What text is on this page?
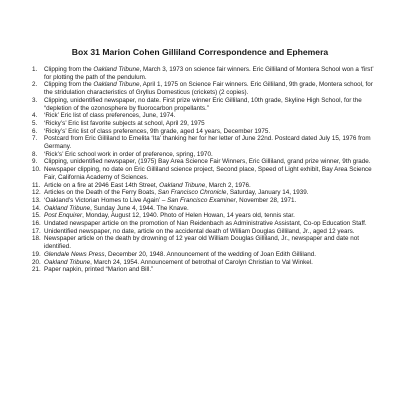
Box 31 Marion Cohen Gilliland Correspondence and Ephemera
1.	Clipping from the Oakland Tribune, March 3, 1973 on science fair winners. Eric Gilliland of Montera School won a ‘first’ for plotting the path of the pendulum.
2.	Clipping from the Oakland Tribune, April 1, 1975 on Science Fair winners. Eric Gilliland, 9th grade, Montera school, for the stridulation characteristics of Gryllus Domesticus (crickets) (2 copies).
3.	Clipping, unidentified newspaper, no date. First prize winner Eric Gilliland, 10th grade, Skyline High School, for the “depletion of the ozonosphere by fluorocarbon propellants.”
4.	‘Rick’ Eric list of class preferences, June, 1974.
5.	‘Ricky’s’ Eric list favorite subjects at school, April 29, 1975
6.	‘Ricky’s’ Eric list of class preferences, 9th grade, aged 14 years, December 1975.
7.	Postcard from Eric Gilliland to Emelita ‘Ita’ thanking her for her letter of June 22nd. Postcard dated July 15, 1976 from Germany.
8.	‘Rick’s’ Eric school work in order of preference, spring, 1970.
9.	Clipping, unidentified newspaper, (1975) Bay Area Science Fair Winners, Eric Gilliland, grand prize winner, 9th grade.
10. Newspaper clipping, no date on Eric Gilliland science project, Second place, Speed of Light exhibit, Bay Area Science Fair, California Academy of Sciences.
11. Article on a fire at 2946 East 14th Street, Oakland Tribune, March 2, 1976.
12. Articles on the Death of the Ferry Boats, San Francisco Chronicle, Saturday, January 14, 1939.
13. ‘Oakland’s Victorian Homes to Live Again’ – San Francisco Examiner, November 28, 1971.
14. Oakland Tribune, Sunday June 4, 1944. The Knave.
15. Post Enquirer, Monday, August 12, 1940. Photo of Helen Howan, 14 years old, tennis star.
16. Undated newspaper article on the promotion of Nan Reidenbach as Administrative Assistant, Co-op Education Staff.
17. Unidentified newspaper, no date, article on the accidental death of William Douglas Gilliland, Jr., aged 12 years.
18. Newspaper article on the death by drowning of 12 year old William Douglas Gilliland, Jr., newspaper and date not identified.
19. Glendale News Press, December 20, 1948. Announcement of the wedding of Joan Edith Gilliland.
20. Oakland Tribune, March 24, 1954. Announcement of betrothal of Carolyn Christian to Val Winkel.
21. Paper napkin, printed “Marion and Bill.”
